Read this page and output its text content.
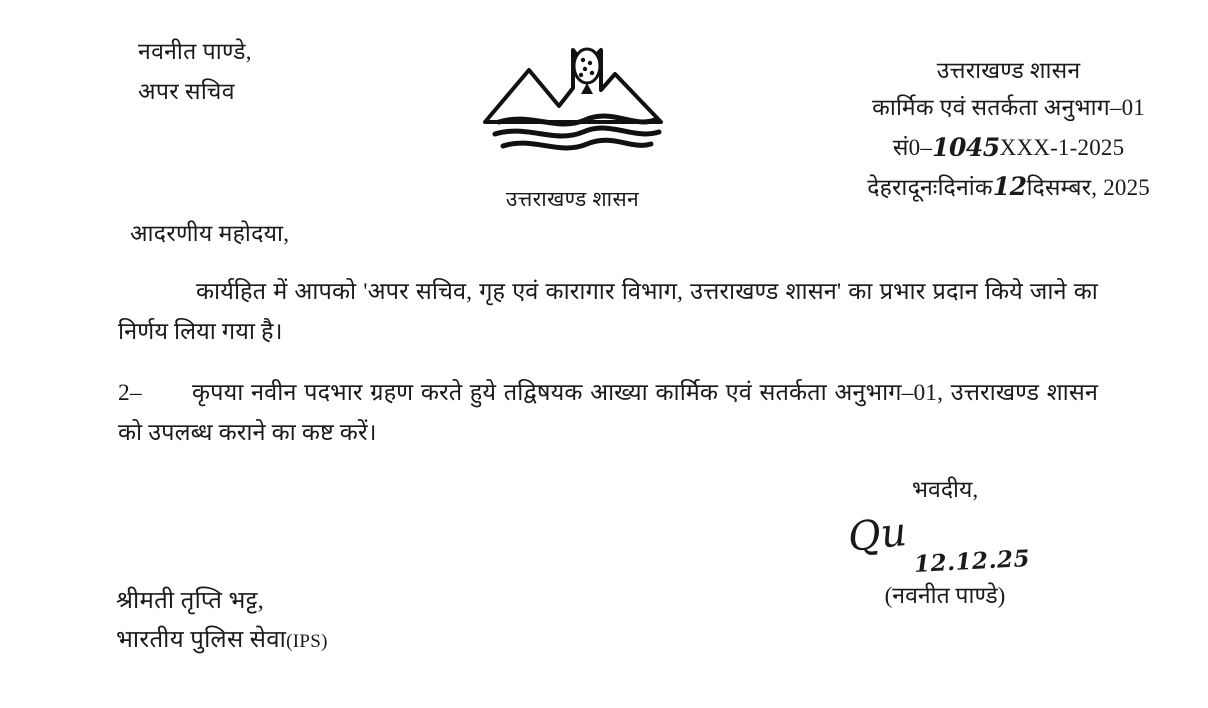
नवनीत पाण्डे,
अपर सचिव
उत्तराखण्ड शासन
उत्तराखण्ड शासन
कार्मिक एवं सतर्कता अनुभाग–01
सं0–1045XXX-1-2025
देहरादूनःदिनांक12दिसम्बर, 2025
आदरणीय महोदया,

कार्यहित में आपको 'अपर सचिव, गृह एवं कारागार विभाग, उत्तराखण्ड शासन' का प्रभार प्रदान किये जाने का निर्णय लिया गया है।

2– कृपया नवीन पदभार ग्रहण करते हुये तद्विषयक आख्या कार्मिक एवं सतर्कता अनुभाग–01, उत्तराखण्ड शासन को उपलब्ध कराने का कष्ट करें।

भवदीय,
Qu
12.12.25
(नवनीत पाण्डे)
श्रीमती तृप्ति भट्ट,
भारतीय पुलिस सेवा(IPS)
